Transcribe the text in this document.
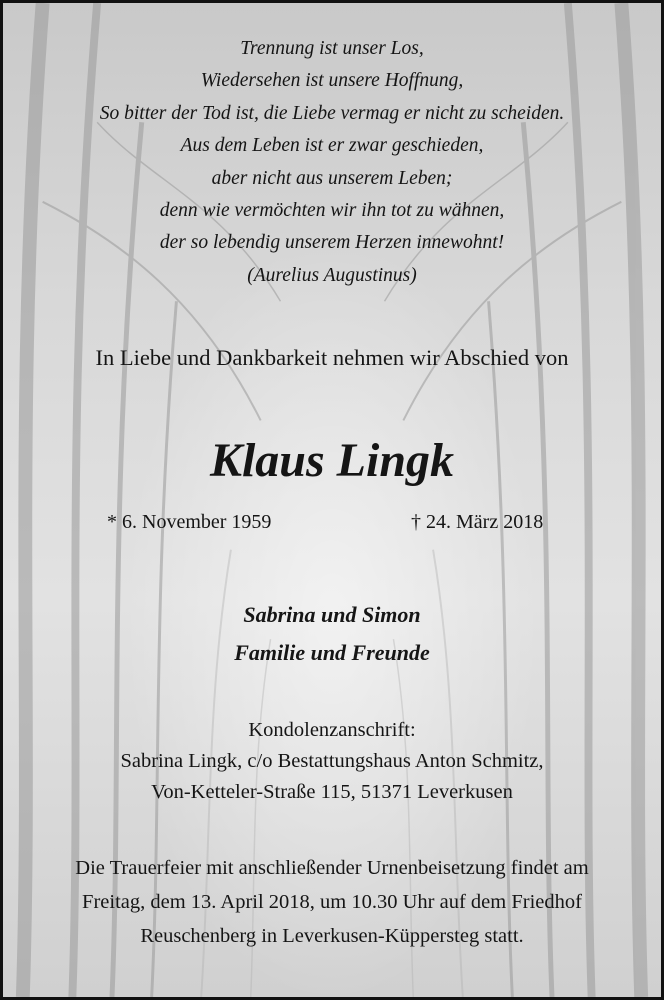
Trennung ist unser Los,
Wiedersehen ist unsere Hoffnung,
So bitter der Tod ist, die Liebe vermag er nicht zu scheiden.
Aus dem Leben ist er zwar geschieden,
aber nicht aus unserem Leben;
denn wie vermöchten wir ihn tot zu wähnen,
der so lebendig unserem Herzen innewohnt!
(Aurelius Augustinus)
In Liebe und Dankbarkeit nehmen wir Abschied von
Klaus Lingk
* 6. November 1959	† 24. März 2018
Sabrina und Simon
Familie und Freunde
Kondolenzanschrift:
Sabrina Lingk, c/o Bestattungshaus Anton Schmitz,
Von-Ketteler-Straße 115, 51371 Leverkusen
Die Trauerfeier mit anschließender Urnenbeisetzung findet am
Freitag, dem 13. April 2018, um 10.30 Uhr auf dem Friedhof
Reuschenberg in Leverkusen-Küppersteg statt.
